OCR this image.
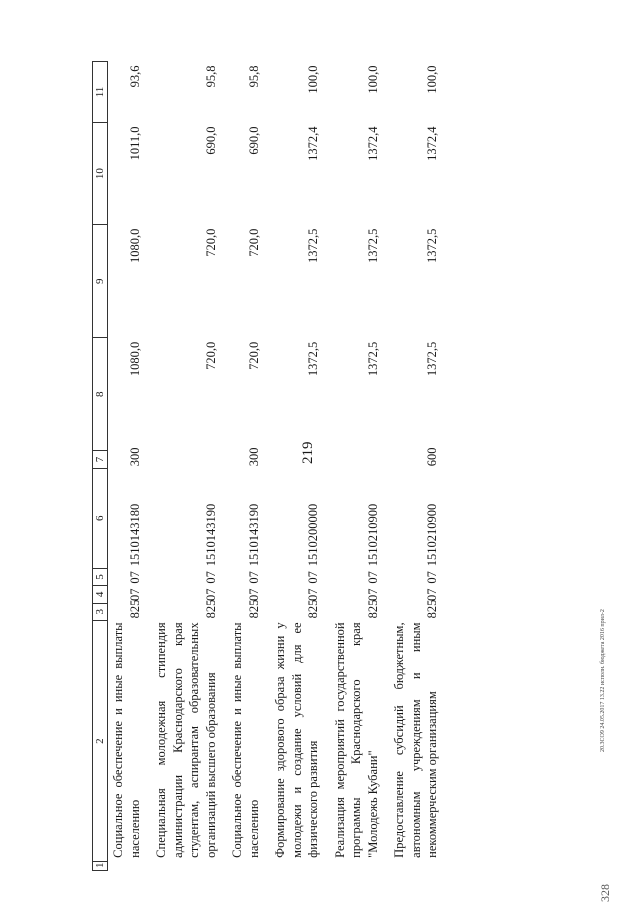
219
20.3СО9 24.05.2017 13.22 исполн. бюджета 2016 прил-2
328
1	2	3	4	5	6	7	8	9	10	11
	Социальное обеспечение и иные выплаты населению	825	07	07	1510143180	300	1080,0	1080,0	1011,0	93,6
	Специальная молодежная стипендия администрации Краснодарского края студентам, аспирантам образовательных организаций высшего образования	825	07	07	1510143190		720,0	720,0	690,0	95,8
	Социальное обеспечение и иные выплаты населению	825	07	07	1510143190	300	720,0	720,0	690,0	95,8
	Формирование здорового образа жизни у молодежи и создание условий для ее физического развития	825	07	07	1510200000		1372,5	1372,5	1372,4	100,0
	Реализация мероприятий государственной программы Краснодарского края "Молодежь Кубани"	825	07	07	1510210900		1372,5	1372,5	1372,4	100,0
	Предоставление субсидий бюджетным, автономным учреждениям и иным некоммерческим организациям	825	07	07	1510210900	600	1372,5	1372,5	1372,4	100,0
